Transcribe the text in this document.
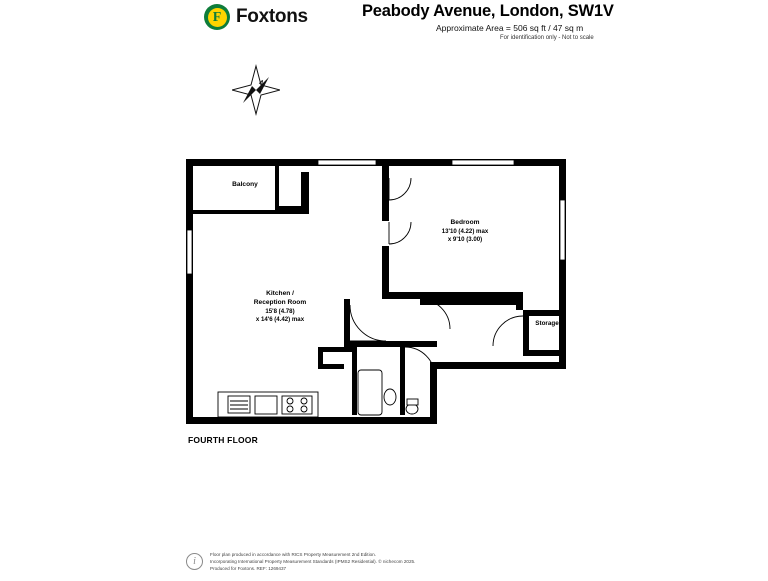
F Foxtons	Peabody Avenue, London, SW1V
Approximate Area = 506 sq ft / 47 sq m
For identification only - Not to scale
N
Balcony
Kitchen /
Reception Room
15'8 (4.78)
x 14'6 (4.42) max
Bedroom
13'10 (4.22) max
x 9'10 (3.00)
Storage
FOURTH FLOOR
i
Floor plan produced in accordance with RICS Property Measurement 2nd Edition.
Incorporating International Property Measurement Standards (IPMS2 Residential). © nichecom 2025.
Produced for Foxtons. REF: 1269437
